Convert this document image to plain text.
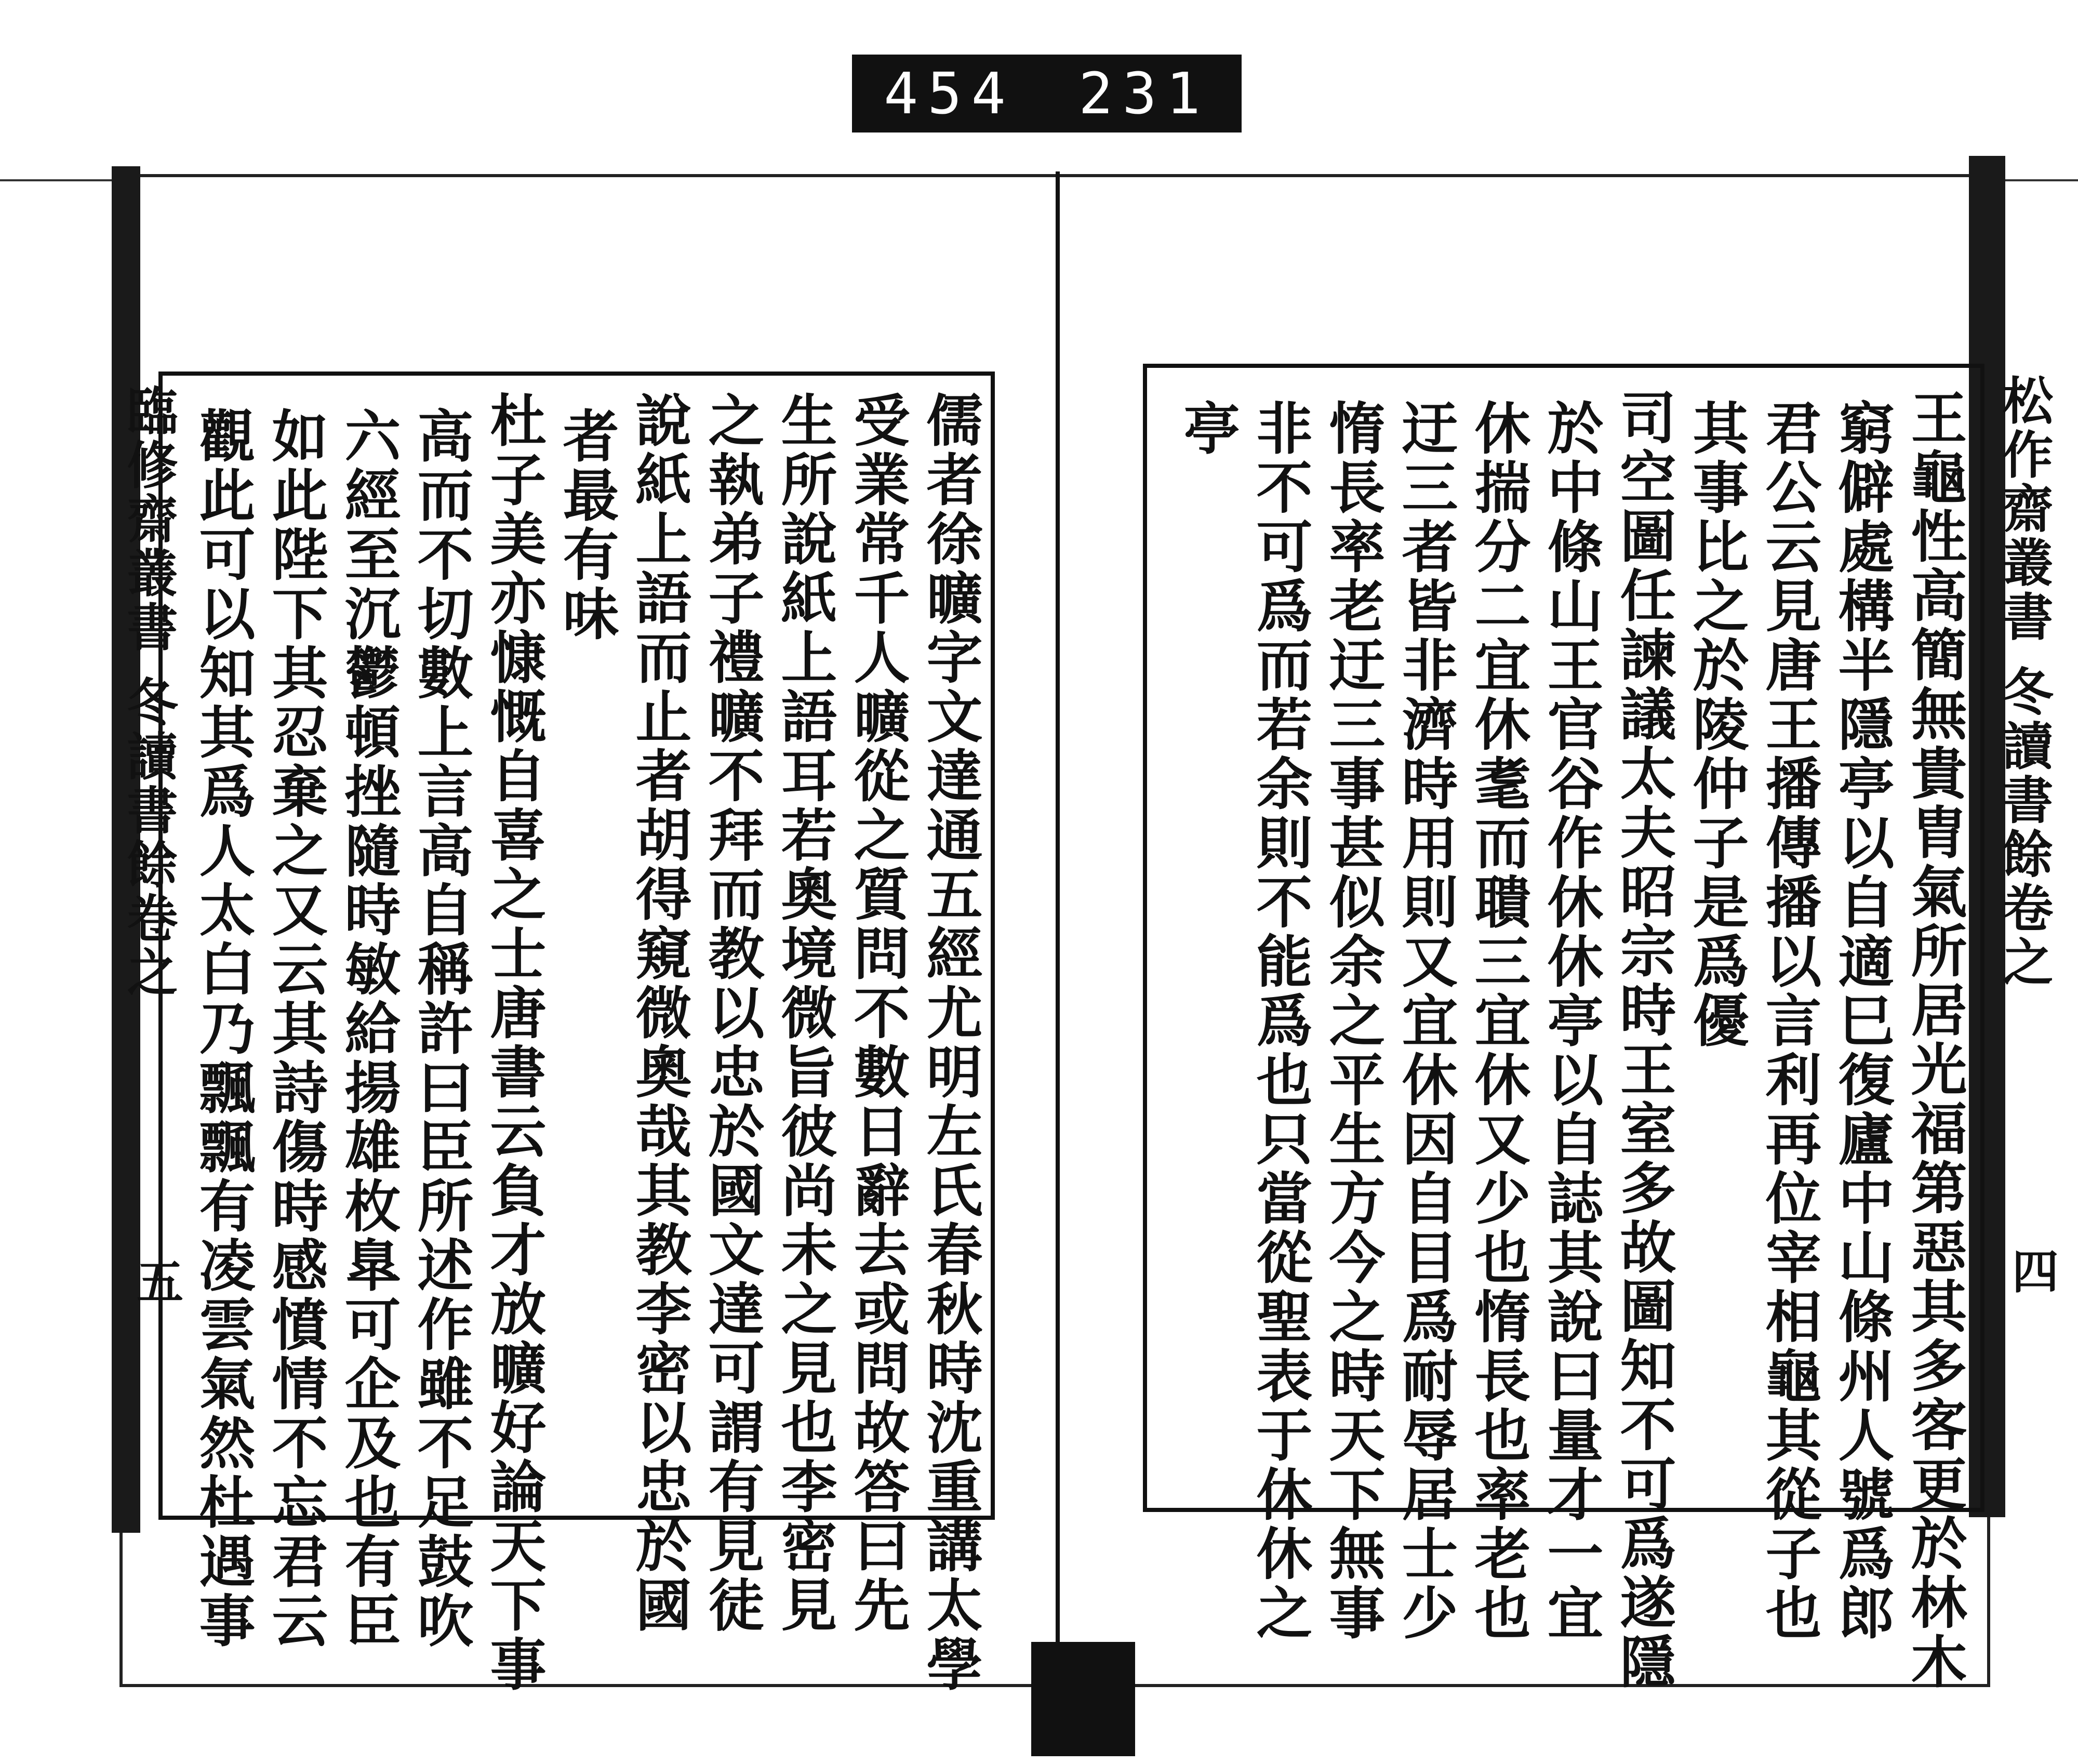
454 231
儒者徐曠字文達通五經尤明左氏春秋時沈重講太學
受業常千人曠從之質問不數日辭去或問故答曰先
生所說紙上語耳若奧境微旨彼尚未之見也李密見
之執弟子禮曠不拜而教以忠於國文達可謂有見徒
說紙上語而止者胡得窺微奧哉其教李密以忠於國
者最有味
杜子美亦慷慨自喜之士唐書云負才放曠好論天下事
高而不切數上言高自稱許曰臣所述作雖不足鼓吹
六經至沉鬱頓挫隨時敏給揚雄枚臯可企及也有臣
如此陛下其忍棄之又云其詩傷時感憤情不忘君云
觀此可以知其爲人太白乃飄飄有凌雲氣然杜遇事
臨修齋叢書 冬讀書餘卷之
五	王龜性高簡無貴胄氣所居光福第惡其多客更於林木
窮僻處構半隱亭以自適巳復廬中山條州人號爲郎
君公云見唐王播傳播以言利再位宰相龜其從子也
其事比之於陵仲子是爲優
司空圖任諫議太夫昭宗時王室多故圖知不可爲遂隱
於中條山王官谷作休休亭以自誌其說曰量才一宜
休揣分二宜休耄而聵三宜休又少也惰長也率老也
迂三者皆非濟時用則又宜休因自目爲耐辱居士少
惰長率老迂三事甚似余之平生方今之時天下無事
非不可爲而若余則不能爲也只當從聖表于休休之
亭	松作齋叢書 冬讀書餘卷之
四
